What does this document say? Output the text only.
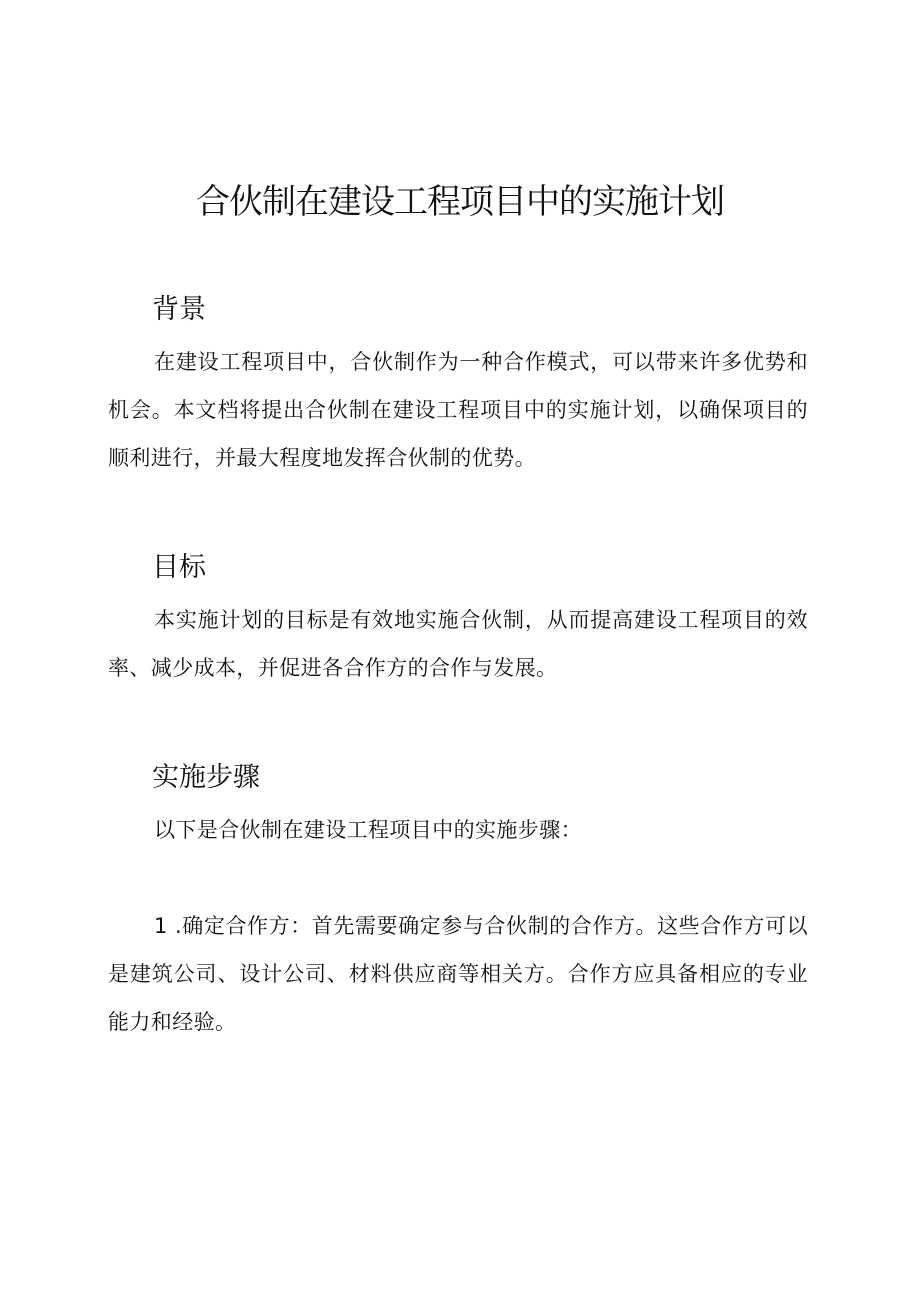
合伙制在建设工程项目中的实施计划
背景

在建设工程项目中，合伙制作为一种合作模式，可以带来许多优势和机会。本文档将提出合伙制在建设工程项目中的实施计划，以确保项目的顺利进行，并最大程度地发挥合伙制的优势。

目标

本实施计划的目标是有效地实施合伙制，从而提高建设工程项目的效率、减少成本，并促进各合作方的合作与发展。

实施步骤

以下是合伙制在建设工程项目中的实施步骤：

1 .确定合作方：首先需要确定参与合伙制的合作方。这些合作方可以是建筑公司、设计公司、材料供应商等相关方。合作方应具备相应的专业能力和经验。
